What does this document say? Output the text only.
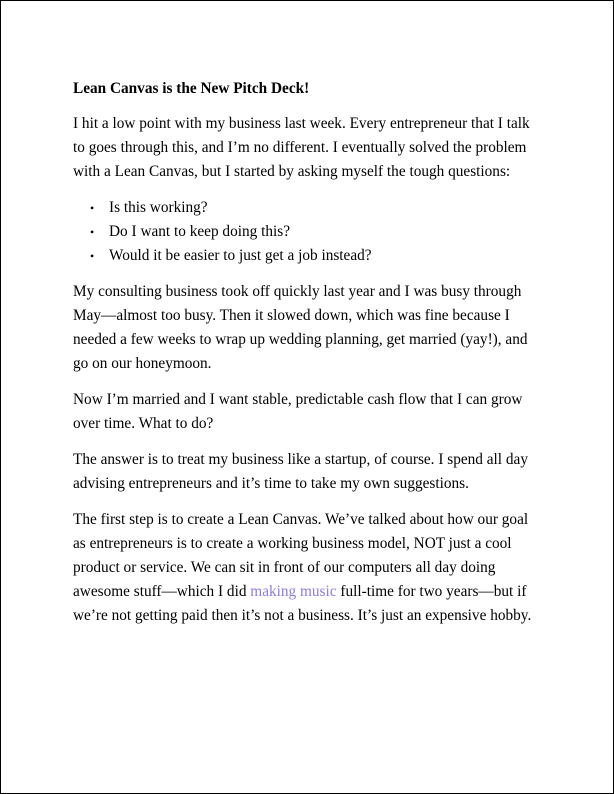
Lean Canvas is the New Pitch Deck!

I hit a low point with my business last week. Every entrepreneur that I talk to goes through this, and I’m no different. I eventually solved the problem with a Lean Canvas, but I started by asking myself the tough questions:

• Is this working?
• Do I want to keep doing this?
• Would it be easier to just get a job instead?

My consulting business took off quickly last year and I was busy through May—almost too busy. Then it slowed down, which was fine because I needed a few weeks to wrap up wedding planning, get married (yay!), and go on our honeymoon.

Now I’m married and I want stable, predictable cash flow that I can grow over time. What to do?

The answer is to treat my business like a startup, of course. I spend all day advising entrepreneurs and it’s time to take my own suggestions.

The first step is to create a Lean Canvas. We’ve talked about how our goal as entrepreneurs is to create a working business model, NOT just a cool product or service. We can sit in front of our computers all day doing awesome stuff—which I did making music full-time for two years—but if we’re not getting paid then it’s not a business. It’s just an expensive hobby.
